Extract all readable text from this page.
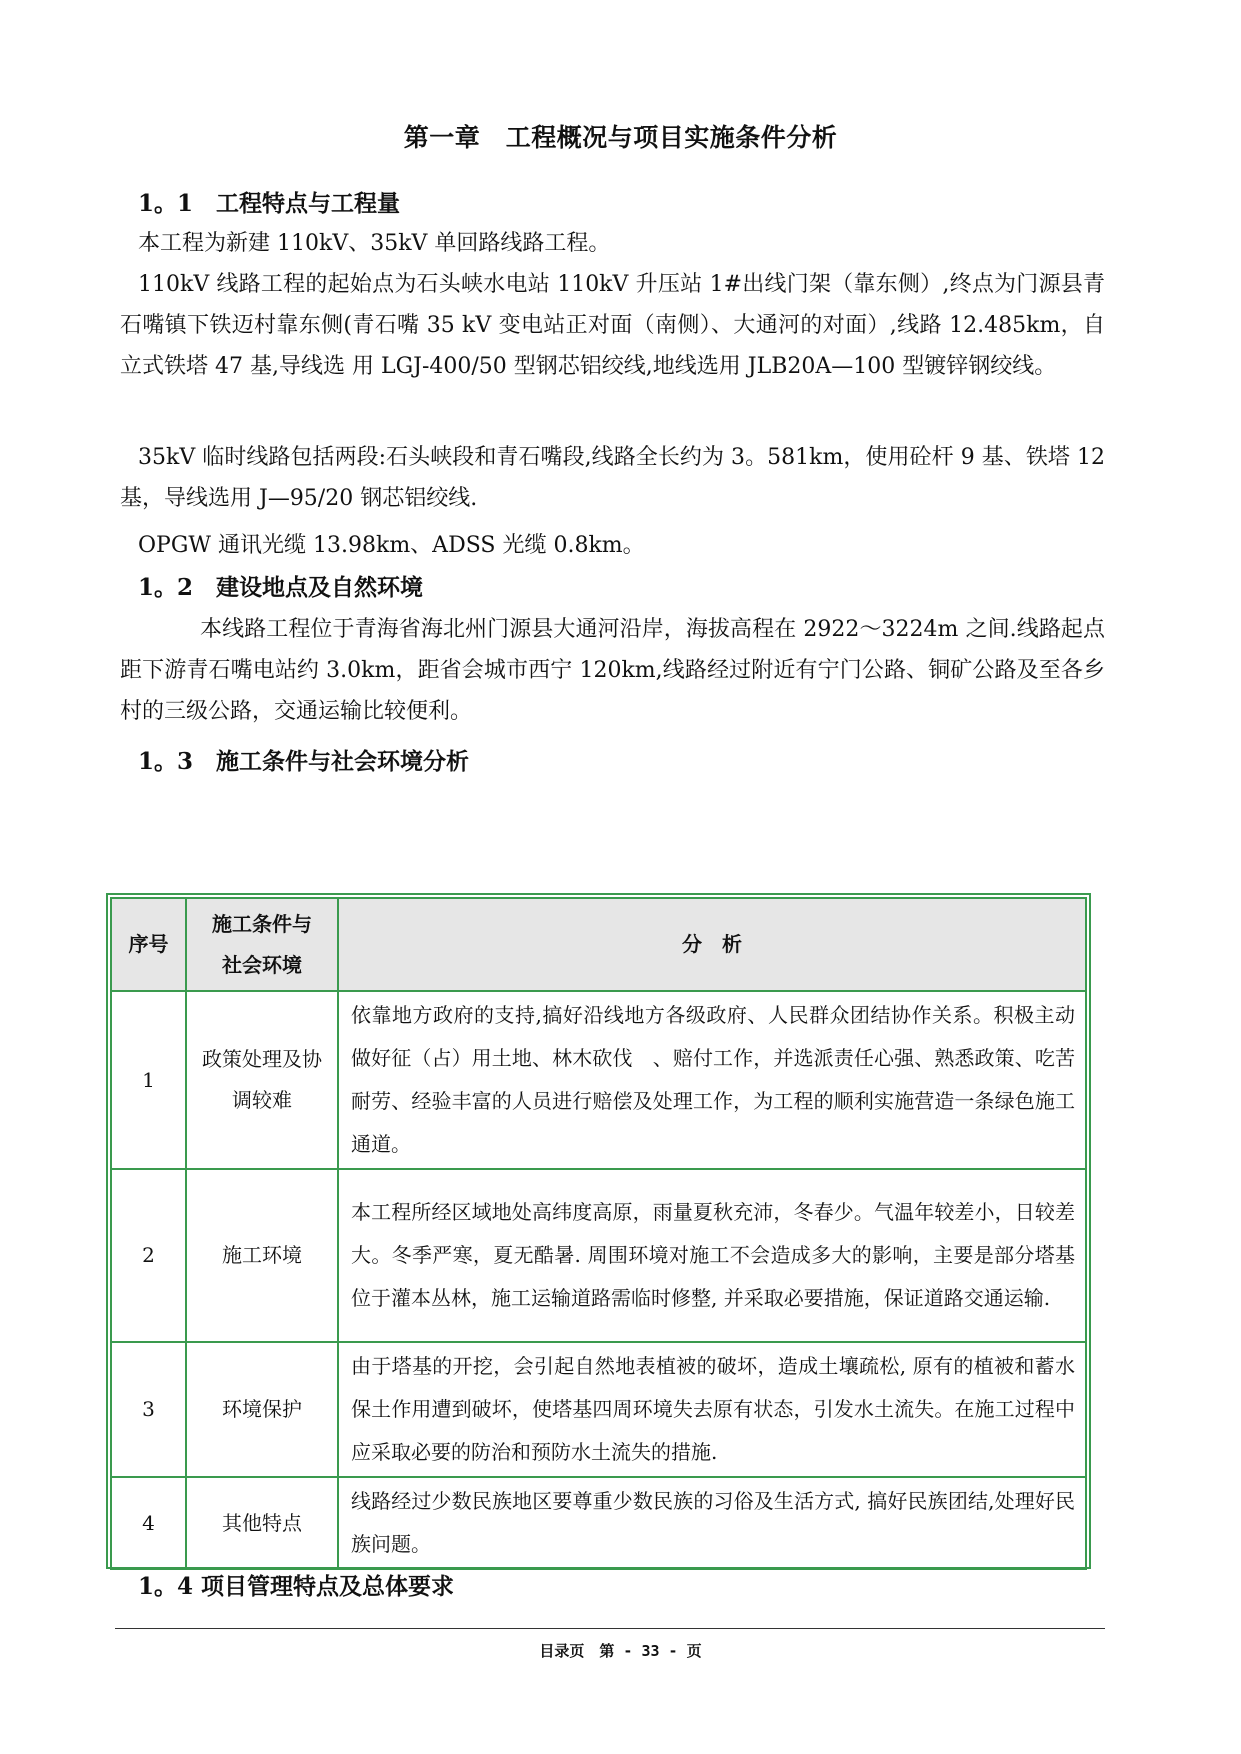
第一章　工程概况与项目实施条件分析
1。1　工程特点与工程量
本工程为新建 110kV、35kV 单回路线路工程。
110kV 线路工程的起始点为石头峡水电站 110kV 升压站 1#出线门架（靠东侧）,终点为门源县青石嘴镇下铁迈村靠东侧(青石嘴 35 kV 变电站正对面（南侧）、大通河的对面）,线路 12.485km，自立式铁塔 47 基,导线选 用 LGJ-400/50 型钢芯铝绞线,地线选用 JLB20A—100 型镀锌钢绞线。
35kV 临时线路包括两段:石头峡段和青石嘴段,线路全长约为 3。581km，使用砼杆 9 基、铁塔 12 基，导线选用 J—95/20 钢芯铝绞线.
OPGW 通讯光缆 13.98km、ADSS 光缆 0.8km。
1。2　建设地点及自然环境
本线路工程位于青海省海北州门源县大通河沿岸，海拔高程在 2922～3224m 之间.线路起点距下游青石嘴电站约 3.0km，距省会城市西宁 120km,线路经过附近有宁门公路、铜矿公路及至各乡村的三级公路，交通运输比较便利。
1。3　施工条件与社会环境分析
序号	施工条件与社会环境	分　析
1	政策处理及协调较难	依靠地方政府的支持,搞好沿线地方各级政府、人民群众团结协作关系。积极主动做好征（占）用土地、林木砍伐　、赔付工作，并选派责任心强、熟悉政策、吃苦耐劳、经验丰富的人员进行赔偿及处理工作，为工程的顺利实施营造一条绿色施工通道。
2	施工环境	本工程所经区域地处高纬度高原，雨量夏秋充沛，冬春少。气温年较差小，日较差大。冬季严寒，夏无酷暑. 周围环境对施工不会造成多大的影响，主要是部分塔基位于灌本丛林，施工运输道路需临时修整, 并采取必要措施，保证道路交通运输.
3	环境保护	由于塔基的开挖，会引起自然地表植被的破坏，造成土壤疏松, 原有的植被和蓄水保土作用遭到破坏，使塔基四周环境失去原有状态，引发水土流失。在施工过程中应采取必要的防治和预防水土流失的措施.
4	其他特点	线路经过少数民族地区要尊重少数民族的习俗及生活方式, 搞好民族团结,处理好民族问题。
1。4 项目管理特点及总体要求
目录页　第 - 33 - 页
